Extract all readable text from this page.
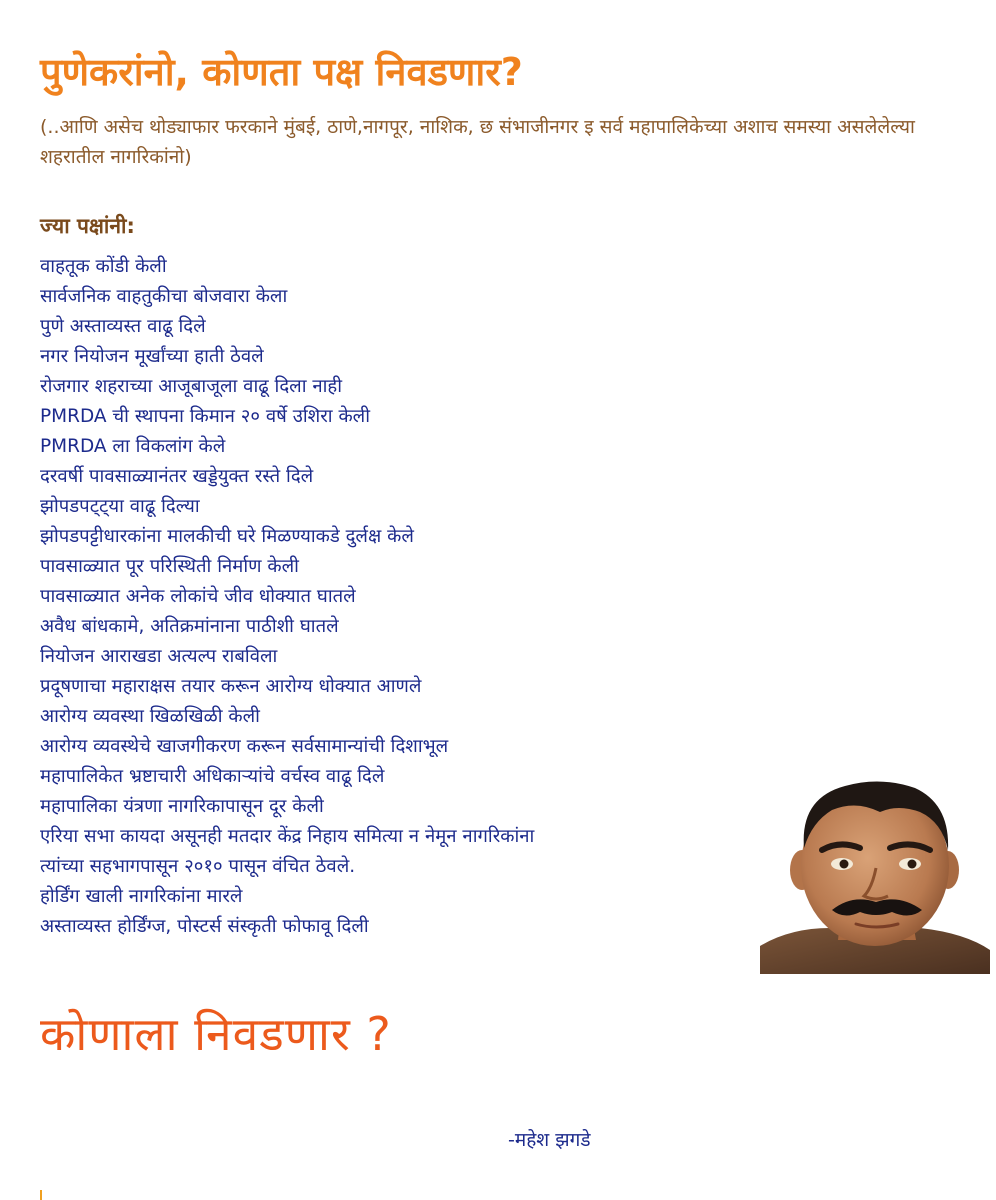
पुणेकरांनो, कोणता पक्ष निवडणार?
(..आणि असेच थोड्याफार फरकाने मुंबई, ठाणे,नागपूर, नाशिक, छ संभाजीनगर इ सर्व महापालिकेच्या अशाच समस्या असलेलेल्या शहरातील नागरिकांनो)
ज्या पक्षांनी:
वाहतूक कोंडी केली
सार्वजनिक वाहतुकीचा बोजवारा केला
पुणे अस्ताव्यस्त वाढू दिले
नगर नियोजन मूर्खांच्या हाती ठेवले
रोजगार शहराच्या आजूबाजूला वाढू दिला नाही
PMRDA ची स्थापना किमान २० वर्षे उशिरा केली
PMRDA ला विकलांग केले
दरवर्षी पावसाळ्यानंतर खड्डेयुक्त रस्ते दिले
झोपडपट्ट्या वाढू दिल्या
झोपडपट्टीधारकांना मालकीची घरे मिळण्याकडे दुर्लक्ष केले
पावसाळ्यात पूर परिस्थिती निर्माण केली
पावसाळ्यात अनेक लोकांचे जीव धोक्यात घातले
अवैध बांधकामे, अतिक्रमांनाना पाठीशी घातले
नियोजन आराखडा अत्यल्प राबविला
प्रदूषणाचा महाराक्षस तयार करून आरोग्य धोक्यात आणले
आरोग्य व्यवस्था खिळखिळी केली
आरोग्य व्यवस्थेचे खाजगीकरण करून सर्वसामान्यांची दिशाभूल
महापालिकेत भ्रष्टाचारी अधिकाऱ्यांचे वर्चस्व वाढू दिले
महापालिका यंत्रणा नागरिकापासून दूर केली
एरिया सभा कायदा असूनही मतदार केंद्र निहाय समित्या न नेमून नागरिकांना
त्यांच्या सहभागपासून २०१० पासून वंचित ठेवले.
होर्डिंग खाली नागरिकांना मारले
अस्ताव्यस्त होर्डिंग्ज, पोस्टर्स संस्कृती फोफावू दिली
कोणाला निवडणार ?
-महेश झगडे
